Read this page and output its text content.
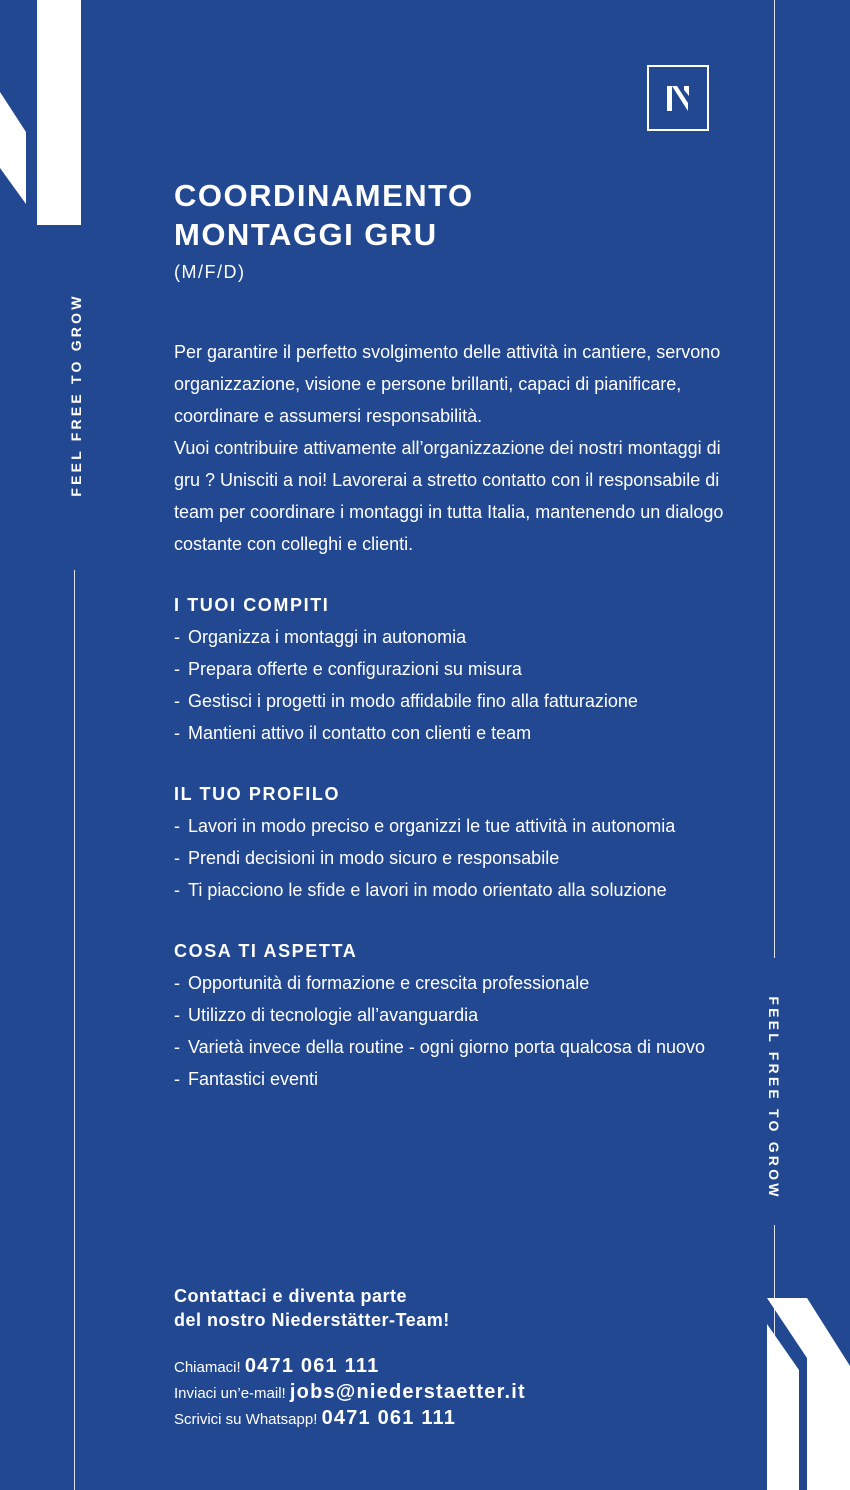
FEEL FREE TO GROW
FEEL FREE TO GROW
COORDINAMENTO
MONTAGGI GRU
(M/F/D)

Per garantire il perfetto svolgimento delle attività in cantiere, servono organizzazione, visione e persone brillanti, capaci di pianificare, coordinare e assumersi responsabilità.

Vuoi contribuire attivamente all’organizzazione dei nostri montaggi di gru ? Unisciti a noi! Lavorerai a stretto contatto con il responsabile di team per coordinare i montaggi in tutta Italia, mantenendo un dialogo costante con colleghi e clienti.

I TUOI COMPITI
- Organizza i montaggi in autonomia
- Prepara offerte e configurazioni su misura
- Gestisci i progetti in modo affidabile fino alla fatturazione
- Mantieni attivo il contatto con clienti e team
IL TUO PROFILO
- Lavori in modo preciso e organizzi le tue attività in autonomia
- Prendi decisioni in modo sicuro e responsabile
- Ti piacciono le sfide e lavori in modo orientato alla soluzione
COSA TI ASPETTA
- Opportunità di formazione e crescita professionale
- Utilizzo di tecnologie all’avanguardia
- Varietà invece della routine - ogni giorno porta qualcosa di nuovo
- Fantastici eventi
Contattaci e diventa parte
del nostro Niederstätter-Team!
Chiamaci! 0471 061 111
Inviaci un’e-mail! jobs@niederstaetter.it
Scrivici su Whatsapp! 0471 061 111
